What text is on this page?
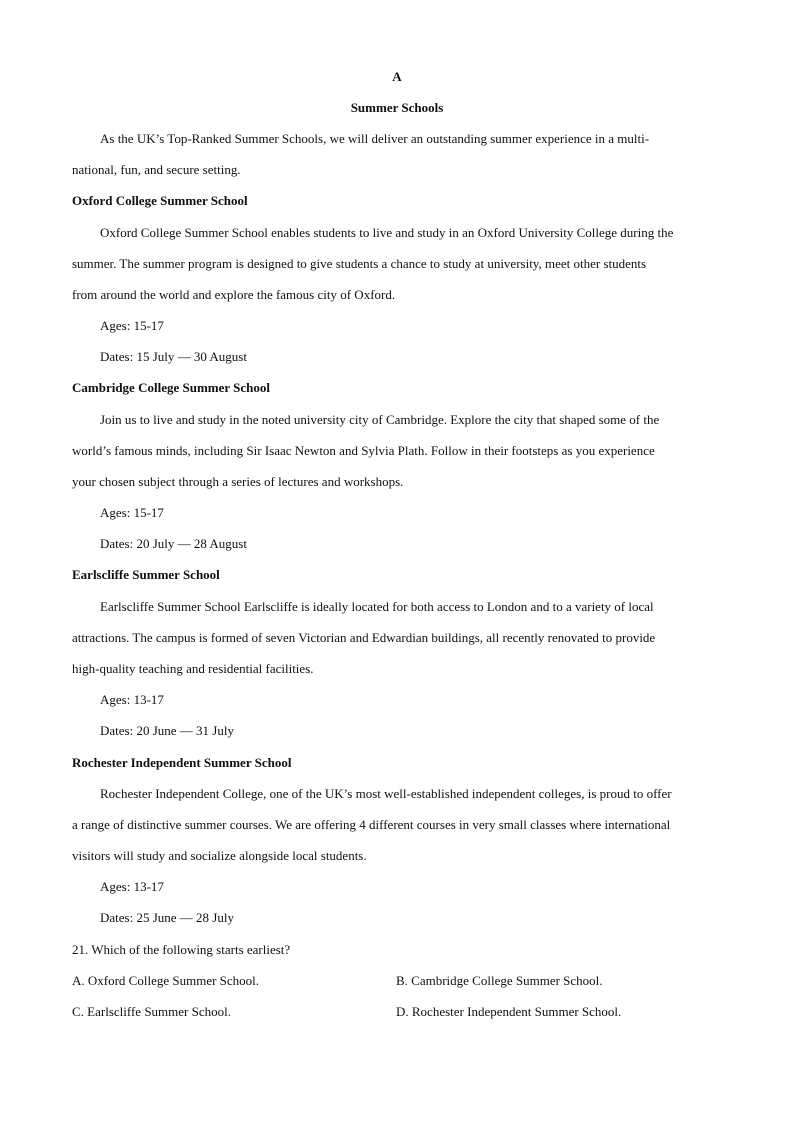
A
Summer Schools
As the UK’s Top-Ranked Summer Schools, we will deliver an outstanding summer experience in a multi-
national, fun, and secure setting.
Oxford College Summer School
Oxford College Summer School enables students to live and study in an Oxford University College during the
summer. The summer program is designed to give students a chance to study at university, meet other students
from around the world and explore the famous city of Oxford.
Ages: 15-17
Dates: 15 July — 30 August
Cambridge College Summer School
Join us to live and study in the noted university city of Cambridge. Explore the city that shaped some of the
world’s famous minds, including Sir Isaac Newton and Sylvia Plath. Follow in their footsteps as you experience
your chosen subject through a series of lectures and workshops.
Ages: 15-17
Dates: 20 July — 28 August
Earlscliffe Summer School
Earlscliffe Summer School Earlscliffe is ideally located for both access to London and to a variety of local
attractions. The campus is formed of seven Victorian and Edwardian buildings, all recently renovated to provide
high-quality teaching and residential facilities.
Ages: 13-17
Dates: 20 June — 31 July
Rochester Independent Summer School
Rochester Independent College, one of the UK’s most well-established independent colleges, is proud to offer
a range of distinctive summer courses. We are offering 4 different courses in very small classes where international
visitors will study and socialize alongside local students.
Ages: 13-17
Dates: 25 June — 28 July
21. Which of the following starts earliest?
A. Oxford College Summer School.	B. Cambridge College Summer School.
C. Earlscliffe Summer School.	D. Rochester Independent Summer School.
